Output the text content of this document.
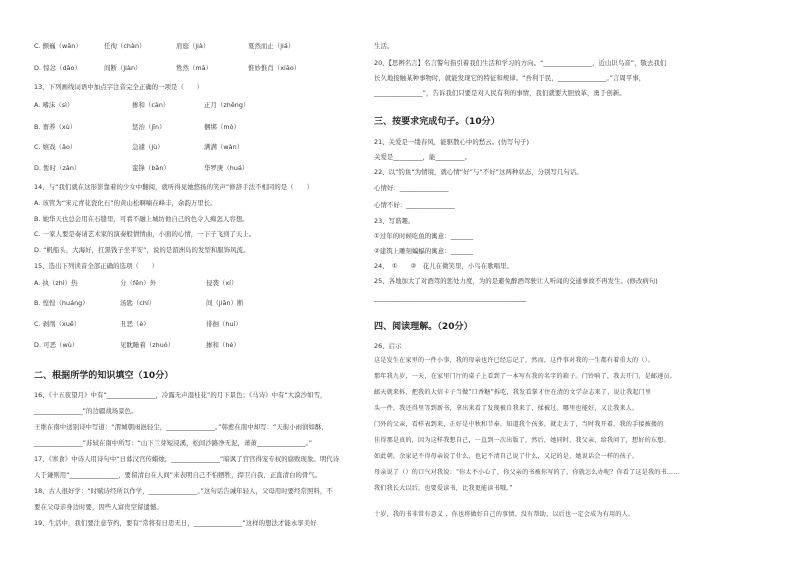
C. 颤巍（wān）	任徇（chàn）	肩庭（jià）	戛然而止（jiá）
D. 惊忿（dāo）	间断（jiàn）	鸷然（mā）	惟妙惟肖（xiāo）
13、下列画线词语中加点字注音完全正确的一项是（　　）
A. 嗜沫（sì）	掺和（càn）	正月（zhēng）
B. 畜养（xù）	惩治（jīn）	捆绑（mò）
C. 嬉戏（ǎo）	急遽（jù）	满满（wàn）
D. 暂时（zàn）	蛮锋（bǎn）	华罗庚（huá）
14、与“我们就在这形影靠着的少女中翻阅，就听得见她悠扬的笑声”修辞手法不相同的是（　　）
A. 该管为“宋元青花瓷化石”的黄山松啊喃在峰丰，余韵万里长。
B. 她华天也总会用在石缝里，可看不融上城坊他自己的色令人痴怎人容想。
C. 一家人要是奏请艺术家的演奏般情情曲，小面的心情，一下子飞到了天上。
D. “帆船头，大海好，扛黑钱子坐平安”，说的是湄洲岛的发型和服饰风流。
15、选出下列读音全部正确的选项（　　）
A. 执（zhì）热	分（fēn）外	侵袭（xí）
B. 惶惶（huáng）	汤匙（chí）	间（jiān）断
C. 剥削（xuē）	丑恶（è）	徘徊（huí）
D. 可恶（wù）	见眈睡着（zhuó）	掺和（hé）
二、根据所学的知识填空（10分）
16、《十五夜望月》中有“_______________，冷露无声湿桂花”的月下景色；《马诗》中有“大漠沙如雪，
_______________”的边疆战场景色。
王维在南中送别诗中写道：“渭城朝雨浥轻尘，_______________。”韩愈在南中却写：“天街小雨润如酥，
_______________”苏轼在南中所写：“山下兰芽短浸溪，松间沙路净无泥，萧萧_______________。”
17、《寒食》中诗人用诗句中“日暮汉宫传蜡烛，_______________”暗讽了官官得宠专权的腐败现象。明代诗
人于谦则用“_______________，要留清白在人间”来表明自己不怕牺牲，捍卫自我、正直清白的骨气。
18、古人很好学：“时赋诗经所以作学，_______________。”这句话告诫年轻人，父母用时要经常照料，不
要在父母亲身边时要，因些人富贵空留遗憾。
19、生活中，我们要注意节约，要有“常将有日思无日，_______________”这样的想法才能永享美好
生活。
20、【思辨名言】名言警句指引着我们生活和学习的方向。“_______________，近山识鸟音”，敬去我们
长久地接触某种事物时，就能发现它的特征和规律。“吾利于民，_______________。”言周平事，
_______________”，告诉我们只要是对人民有利的事情，我们就要大胆放革，勇于创新。
三、按要求完成句子。（10分）
21、关爱是一缕春风，能驱散心中的愁云。(仿写句子)
关爱是_________，能_________。
22、以“钓鱼”为情境，就心情“好”与“不好”这两种状态，分别写几句话。
心情好：_______________
心情不好：_______________
23、写谐趣。
①过年的时候吃鱼的寓意：_______
②建筑上雕刻蝙蝠的寓意：_______
24、　①　　②　花儿在微笑里，小鸟在歌唱里。
25、各地加大了对酒驾的惩处力度，为的是避免醉酒驾驶让人听闻的交通事故不再发生。(修改病句)
_______________________________________________
四、阅读理解。（20分）
26、启示
这是发生在家里的一件小事，我的母亲也许已经忘记了，然而，这件事对我的一生都有着重大的（）。
那年我九岁，一天，在家里门厅的桌子上看到了一本写有我的名字的箱子。门铃响了，我去开门，是邮递员。
邮天就来拆，把我的大信卡子当做“口香糖”拆吃，我发看掌才住在清的文学杂志来了，说让我起门里
头一件，我还得里等到新书，拿出来看了发现被自我来了，揉被过。哪里也能好，又让我来人。
门外的父亲，看样表到来，正好是中秋和节奉，知道我个孩多，就走去了，当时我开着，我的手接被搂的
佳得那是真的，因为这样我想自己，一直到一次出版了，然后，她同时，我父亲，给我问了，想好的东想。
如此朝，余家记不得母亲说了什么，也记不清自己说了什么，又记的是，她说话会一样的孩子。
母亲说了（）的口气对我说：“你太不小心了，你父亲的书被你写的了，你就怎么办呢？你看了这是我的书……
我们我长大以后，也要爱读书，比我更能读书哦。”
十岁，我的书非常有意义 ，你也将做好自己的事情。没有帮助，以后也一定会成为有用的人。
